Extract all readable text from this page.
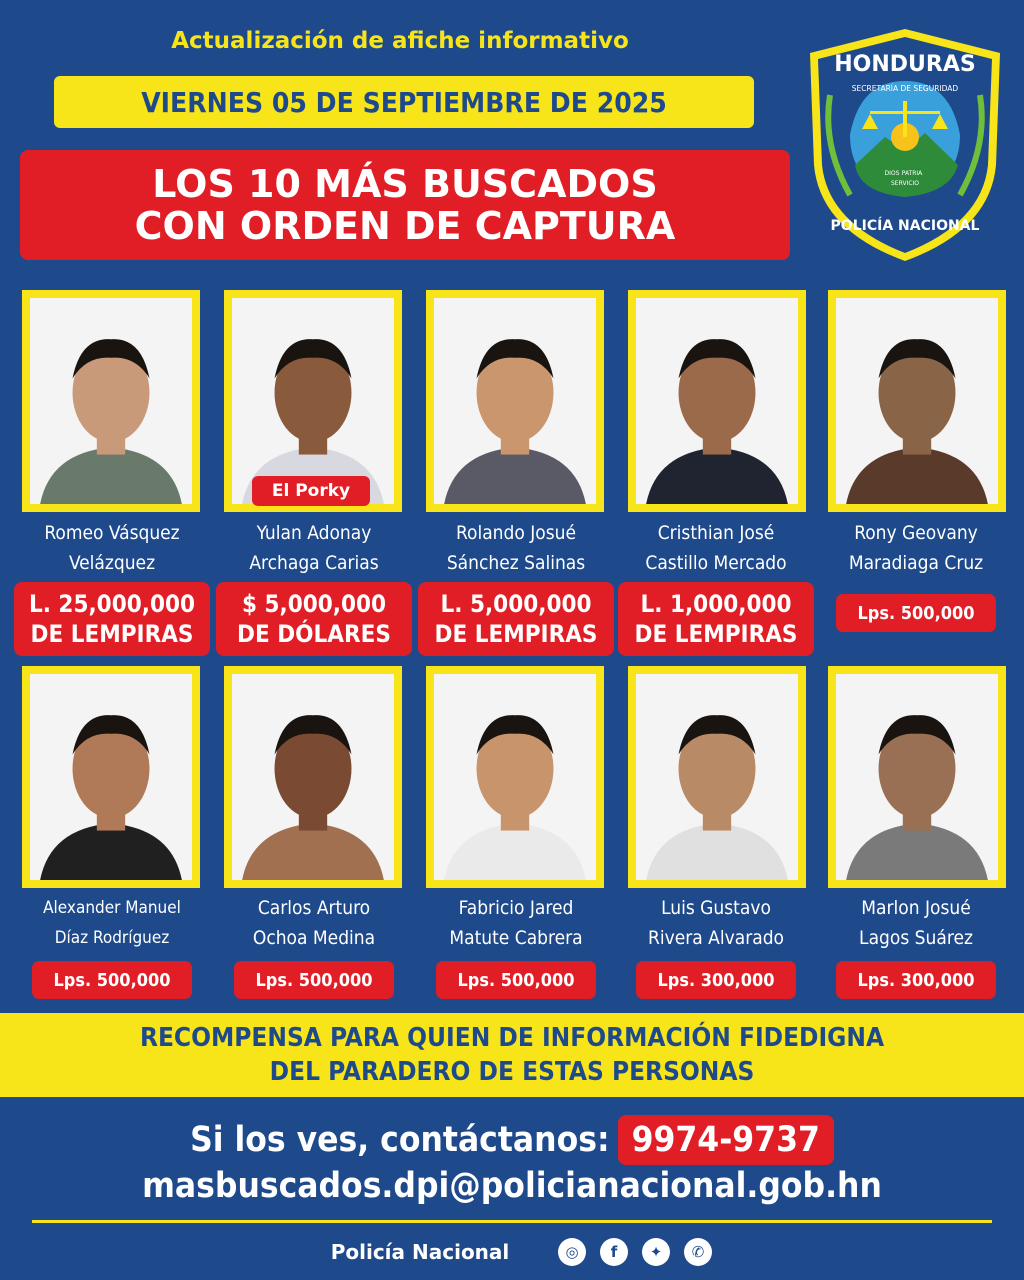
Actualización de afiche informativo
VIERNES 05 DE SEPTIEMBRE DE 2025
LOS 10 MÁS BUSCADOS
CON ORDEN DE CAPTURA
HONDURAS
SECRETARÍA DE SEGURIDAD
DIOS PATRIA
SERVICIO
POLICÍA NACIONAL
Romeo Vásquez
Velázquez
L. 25,000,000
DE LEMPIRAS
El Porky
Yulan Adonay
Archaga Carias
$ 5,000,000
DE DÓLARES
Rolando Josué
Sánchez Salinas
L. 5,000,000
DE LEMPIRAS
Cristhian José
Castillo Mercado
L. 1,000,000
DE LEMPIRAS
Rony Geovany
Maradiaga Cruz
Lps. 500,000
Alexander Manuel
Díaz Rodríguez
Lps. 500,000
Carlos Arturo
Ochoa Medina
Lps. 500,000
Fabricio Jared
Matute Cabrera
Lps. 500,000
Luis Gustavo
Rivera Alvarado
Lps. 300,000
Marlon Josué
Lagos Suárez
Lps. 300,000
RECOMPENSA PARA QUIEN DE INFORMACIÓN FIDEDIGNA
DEL PARADERO DE ESTAS PERSONAS
Si los ves, contáctanos: 9974-9737
masbuscados.dpi@policianacional.gob.hn
Policía Nacional	◎	f	✦	✆
